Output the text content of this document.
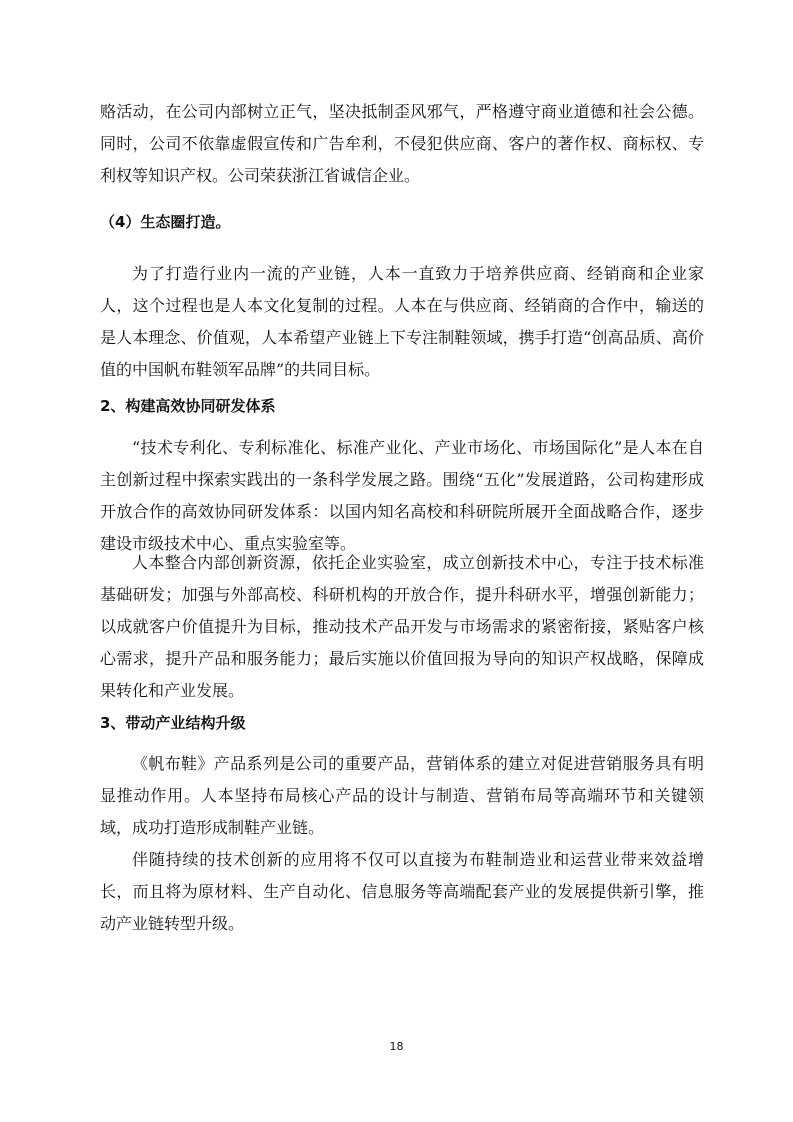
赂活动，在公司内部树立正气，坚决抵制歪风邪气，严格遵守商业道德和社会公德。同时，公司不依靠虚假宣传和广告牟利，不侵犯供应商、客户的著作权、商标权、专利权等知识产权。公司荣获浙江省诚信企业。

（4）生态圈打造。

为了打造行业内一流的产业链，人本一直致力于培养供应商、经销商和企业家人，这个过程也是人本文化复制的过程。人本在与供应商、经销商的合作中，输送的是人本理念、价值观，人本希望产业链上下专注制鞋领域，携手打造“创高品质、高价值的中国帆布鞋领军品牌”的共同目标。

2、构建高效协同研发体系

“技术专利化、专利标准化、标准产业化、产业市场化、市场国际化”是人本在自主创新过程中探索实践出的一条科学发展之路。围绕“五化”发展道路，公司构建形成开放合作的高效协同研发体系：以国内知名高校和科研院所展开全面战略合作，逐步建设市级技术中心、重点实验室等。

人本整合内部创新资源，依托企业实验室，成立创新技术中心，专注于技术标准基础研发；加强与外部高校、科研机构的开放合作，提升科研水平，增强创新能力；以成就客户价值提升为目标，推动技术产品开发与市场需求的紧密衔接，紧贴客户核心需求，提升产品和服务能力；最后实施以价值回报为导向的知识产权战略，保障成果转化和产业发展。

3、带动产业结构升级

《帆布鞋》产品系列是公司的重要产品，营销体系的建立对促进营销服务具有明显推动作用。人本坚持布局核心产品的设计与制造、营销布局等高端环节和关键领域，成功打造形成制鞋产业链。

伴随持续的技术创新的应用将不仅可以直接为布鞋制造业和运营业带来效益增长，而且将为原材料、生产自动化、信息服务等高端配套产业的发展提供新引擎，推动产业链转型升级。

18
